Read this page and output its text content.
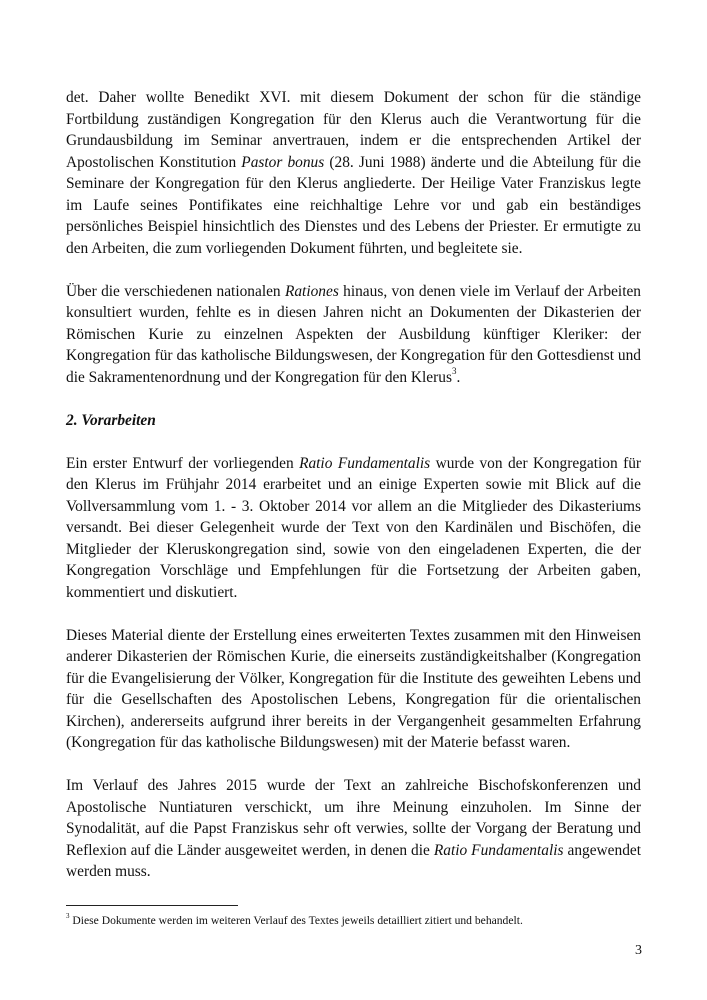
det. Daher wollte Benedikt XVI. mit diesem Dokument der schon für die ständige Fortbildung zuständigen Kongregation für den Klerus auch die Verantwortung für die Grundausbildung im Seminar anvertrauen, indem er die entsprechenden Artikel der Apostolischen Konstitution Pastor bonus (28. Juni 1988) änderte und die Abteilung für die Seminare der Kongregation für den Klerus angliederte. Der Heilige Vater Franziskus legte im Laufe seines Pontifikates eine reichhaltige Lehre vor und gab ein beständiges persönliches Beispiel hinsichtlich des Dienstes und des Lebens der Priester. Er ermutigte zu den Arbeiten, die zum vorliegenden Dokument führten, und begleitete sie.

Über die verschiedenen nationalen Rationes hinaus, von denen viele im Verlauf der Arbeiten konsultiert wurden, fehlte es in diesen Jahren nicht an Dokumenten der Dikasterien der Römischen Kurie zu einzelnen Aspekten der Ausbildung künftiger Kleriker: der Kongregation für das katholische Bildungswesen, der Kongregation für den Gottesdienst und die Sakramentenordnung und der Kongregation für den Klerus$^3$.

2. Vorarbeiten

Ein erster Entwurf der vorliegenden Ratio Fundamentalis wurde von der Kongregation für den Klerus im Frühjahr 2014 erarbeitet und an einige Experten sowie mit Blick auf die Vollversammlung vom 1. - 3. Oktober 2014 vor allem an die Mitglieder des Dikasteriums versandt. Bei dieser Gelegenheit wurde der Text von den Kardinälen und Bischöfen, die Mitglieder der Kleruskongregation sind, sowie von den eingeladenen Experten, die der Kongregation Vorschläge und Empfehlungen für die Fortsetzung der Arbeiten gaben, kommentiert und diskutiert.

Dieses Material diente der Erstellung eines erweiterten Textes zusammen mit den Hinweisen anderer Dikasterien der Römischen Kurie, die einerseits zuständigkeitshalber (Kongregation für die Evangelisierung der Völker, Kongregation für die Institute des geweihten Lebens und für die Gesellschaften des Apostolischen Lebens, Kongregation für die orientalischen Kirchen), andererseits aufgrund ihrer bereits in der Vergangenheit gesammelten Erfahrung (Kongregation für das katholische Bildungswesen) mit der Materie befasst waren.

Im Verlauf des Jahres 2015 wurde der Text an zahlreiche Bischofskonferenzen und Apostolische Nuntiaturen verschickt, um ihre Meinung einzuholen. Im Sinne der Synodalität, auf die Papst Franziskus sehr oft verwies, sollte der Vorgang der Beratung und Reflexion auf die Länder ausgeweitet werden, in denen die Ratio Fundamentalis angewendet werden muss.

$^3$ Diese Dokumente werden im weiteren Verlauf des Textes jeweils detailliert zitiert und behandelt.
3
